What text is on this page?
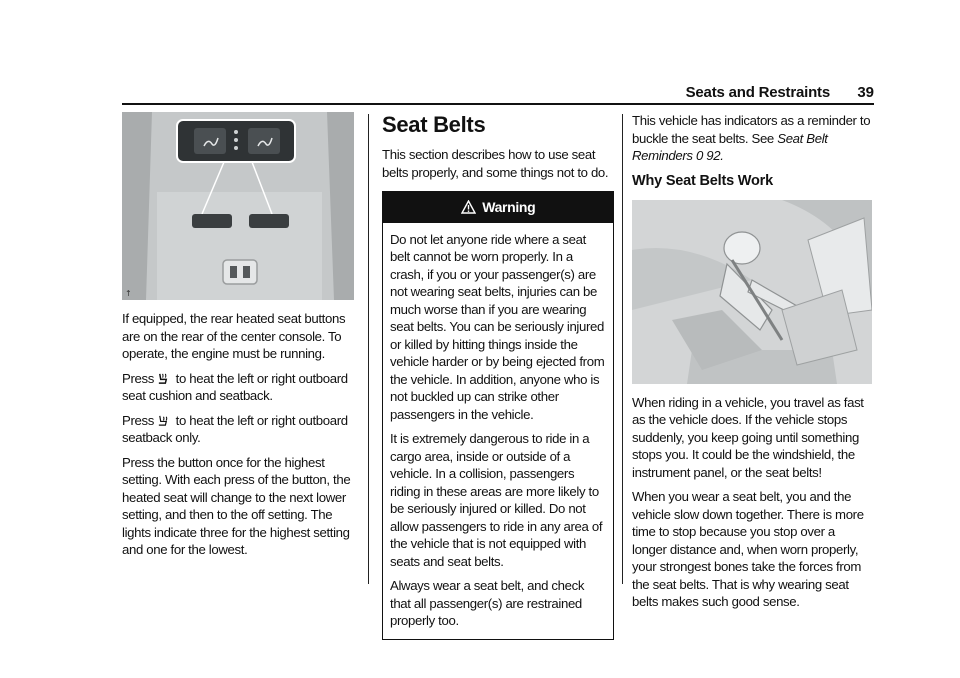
Seats and Restraints 39
↑

If equipped, the rear heated seat buttons are on the rear of the center console. To operate, the engine must be running.

Press to heat the left or right outboard seat cushion and seatback.

Press to heat the left or right outboard seatback only.

Press the button once for the highest setting. With each press of the button, the heated seat will change to the next lower setting, and then to the off setting. The lights indicate three for the highest setting and one for the lowest.

Seat Belts

This section describes how to use seat belts properly, and some things not to do.

Warning

Do not let anyone ride where a seat belt cannot be worn properly. In a crash, if you or your passenger(s) are not wearing seat belts, injuries can be much worse than if you are wearing seat belts. You can be seriously injured or killed by hitting things inside the vehicle harder or by being ejected from the vehicle. In addition, anyone who is not buckled up can strike other passengers in the vehicle.

It is extremely dangerous to ride in a cargo area, inside or outside of a vehicle. In a collision, passengers riding in these areas are more likely to be seriously injured or killed. Do not allow passengers to ride in any area of the vehicle that is not equipped with seats and seat belts.

Always wear a seat belt, and check that all passenger(s) are restrained properly too.

This vehicle has indicators as a reminder to buckle the seat belts. See Seat Belt Reminders 0 92.

Why Seat Belts Work

When riding in a vehicle, you travel as fast as the vehicle does. If the vehicle stops suddenly, you keep going until something stops you. It could be the windshield, the instrument panel, or the seat belts!

When you wear a seat belt, you and the vehicle slow down together. There is more time to stop because you stop over a longer distance and, when worn properly, your strongest bones take the forces from the seat belts. That is why wearing seat belts makes such good sense.
